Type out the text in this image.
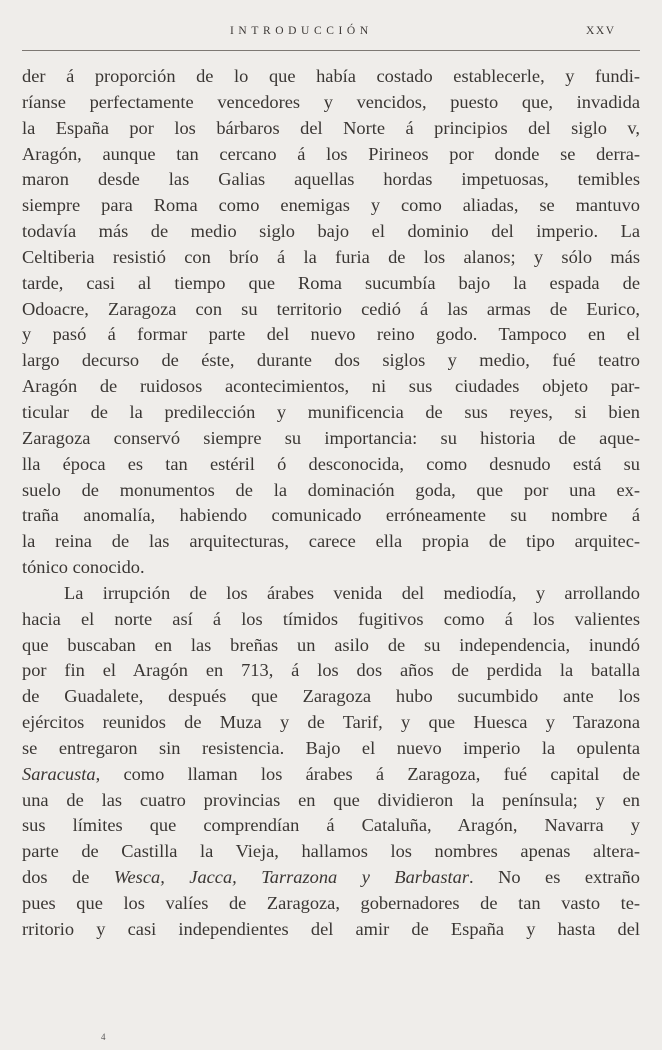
INTRODUCCIÓN	XXV
der á proporción de lo que había costado establecerle, y fundi-
ríanse perfectamente vencedores y vencidos, puesto que, invadida
la España por los bárbaros del Norte á principios del siglo v,
Aragón, aunque tan cercano á los Pirineos por donde se derra-
maron desde las Galias aquellas hordas impetuosas, temibles
siempre para Roma como enemigas y como aliadas, se mantuvo
todavía más de medio siglo bajo el dominio del imperio. La
Celtiberia resistió con brío á la furia de los alanos; y sólo más
tarde, casi al tiempo que Roma sucumbía bajo la espada de
Odoacre, Zaragoza con su territorio cedió á las armas de Eurico,
y pasó á formar parte del nuevo reino godo. Tampoco en el
largo decurso de éste, durante dos siglos y medio, fué teatro
Aragón de ruidosos acontecimientos, ni sus ciudades objeto par-
ticular de la predilección y munificencia de sus reyes, si bien
Zaragoza conservó siempre su importancia: su historia de aque-
lla época es tan estéril ó desconocida, como desnudo está su
suelo de monumentos de la dominación goda, que por una ex-
traña anomalía, habiendo comunicado erróneamente su nombre á
la reina de las arquitecturas, carece ella propia de tipo arquitec-
tónico conocido.
La irrupción de los árabes venida del mediodía, y arrollando
hacia el norte así á los tímidos fugitivos como á los valientes
que buscaban en las breñas un asilo de su independencia, inundó
por fin el Aragón en 713, á los dos años de perdida la batalla
de Guadalete, después que Zaragoza hubo sucumbido ante los
ejércitos reunidos de Muza y de Tarif, y que Huesca y Tarazona
se entregaron sin resistencia. Bajo el nuevo imperio la opulenta
Saracusta, como llaman los árabes á Zaragoza, fué capital de
una de las cuatro provincias en que dividieron la península; y en
sus límites que comprendían á Cataluña, Aragón, Navarra y
parte de Castilla la Vieja, hallamos los nombres apenas altera-
dos de Wesca, Jacca, Tarrazona y Barbastar. No es extraño
pues que los valíes de Zaragoza, gobernadores de tan vasto te-
rritorio y casi independientes del amir de España y hasta del
4
